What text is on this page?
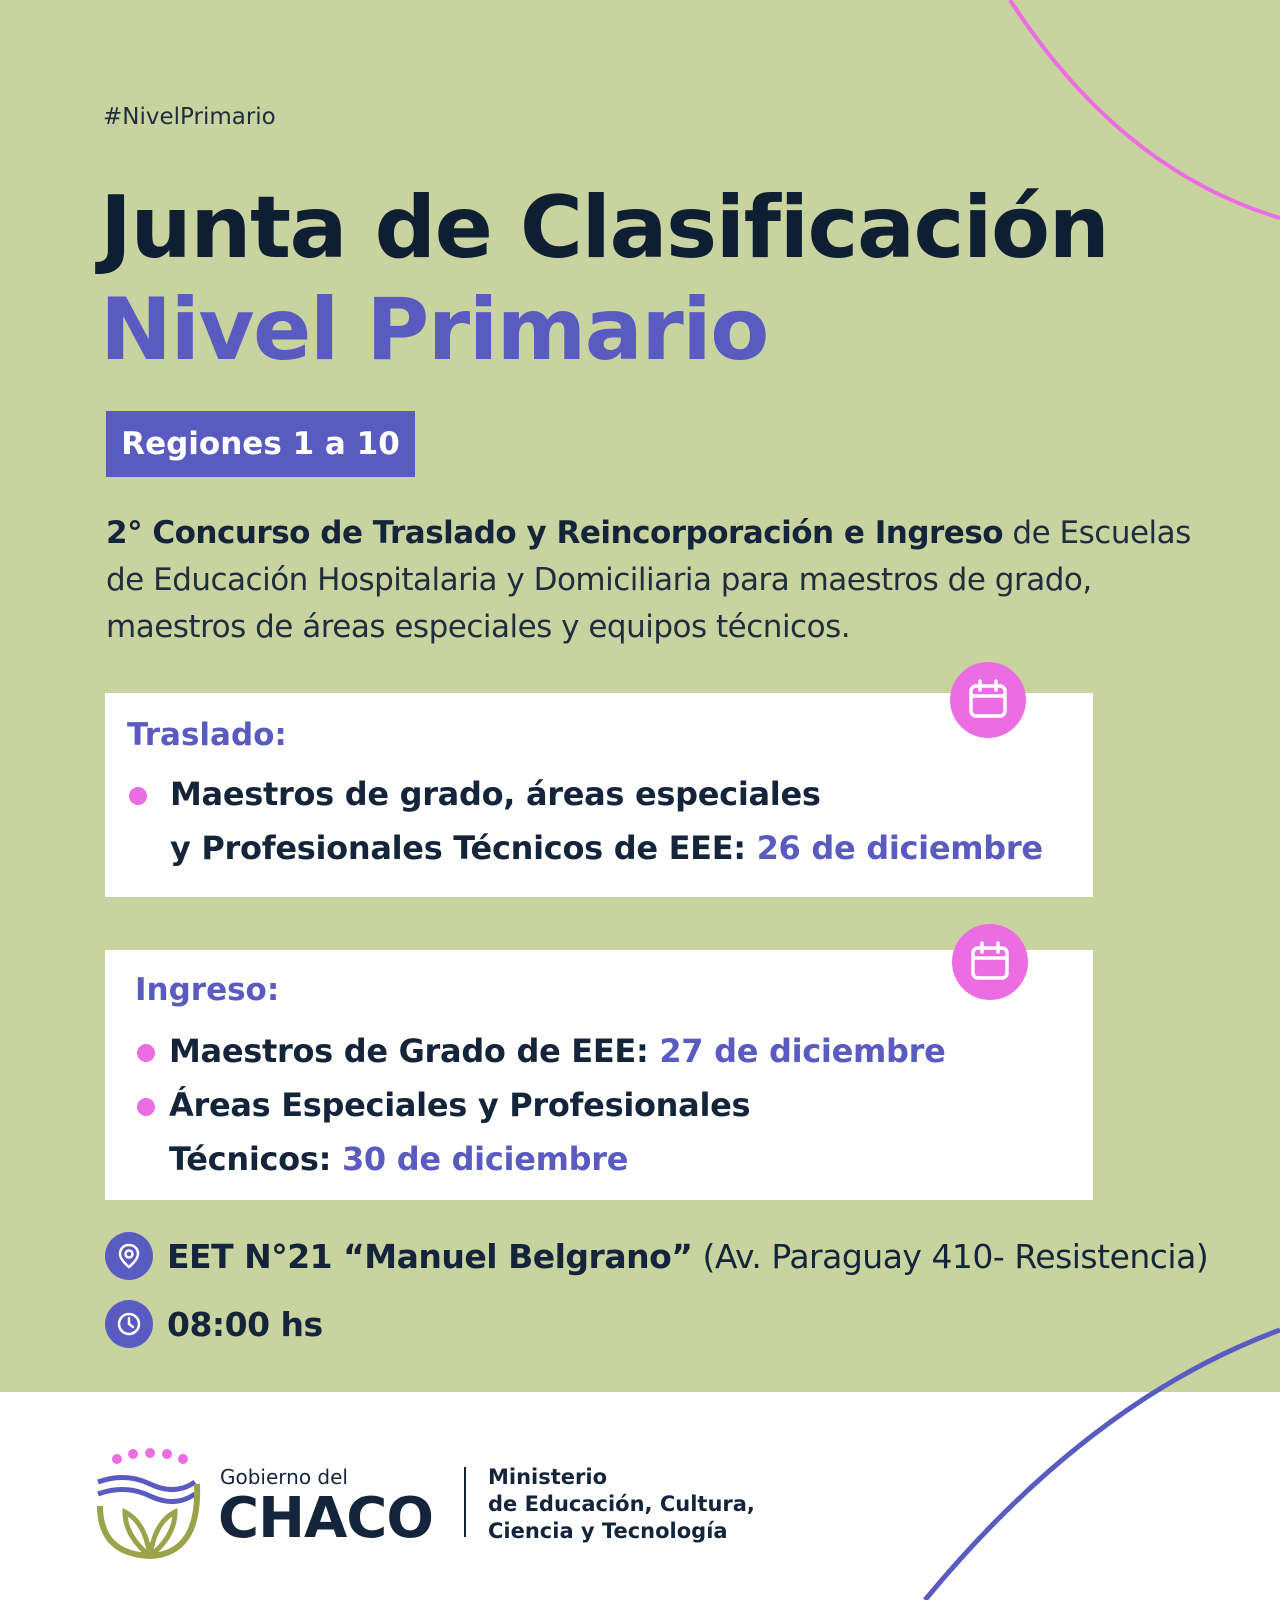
#NivelPrimario
Junta de Clasificación
Nivel Primario
Regiones 1 a 10
2° Concurso de Traslado y Reincorporación e Ingreso de Escuelas de Educación Hospitalaria y Domiciliaria para maestros de grado, maestros de áreas especiales y equipos técnicos.
Traslado:
Maestros de grado, áreas especiales
y Profesionales Técnicos de EEE: 26 de diciembre
Ingreso:
Maestros de Grado de EEE: 27 de diciembre
Áreas Especiales y Profesionales
Técnicos: 30 de diciembre
EET N°21 “Manuel Belgrano” (Av. Paraguay 410- Resistencia)
08:00 hs
Gobierno del
CHACO
Ministerio
de Educación, Cultura,
Ciencia y Tecnología
